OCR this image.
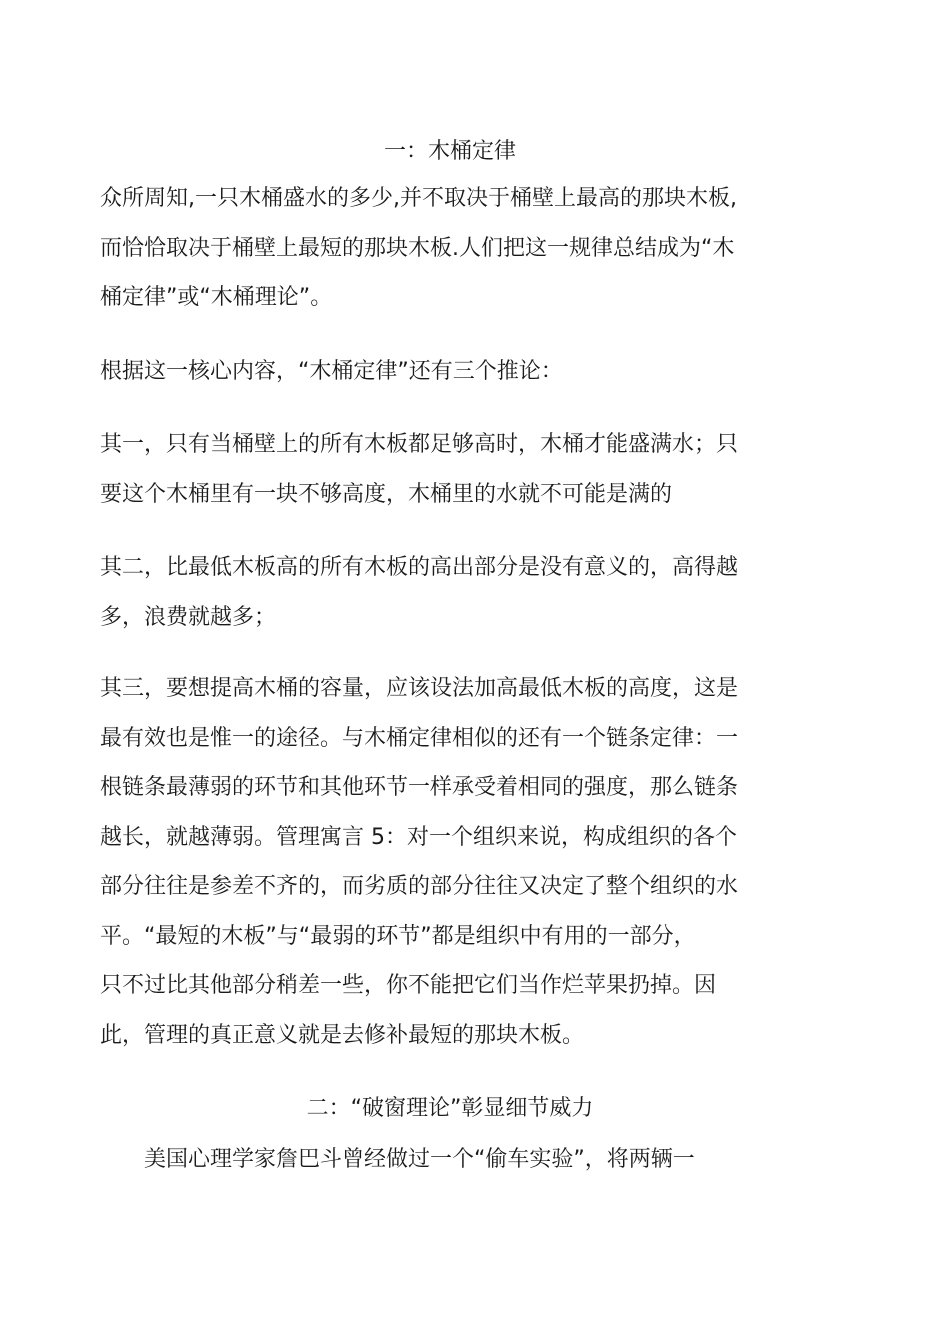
一：木桶定律
众所周知,一只木桶盛水的多少,并不取决于桶壁上最高的那块木板,
而恰恰取决于桶壁上最短的那块木板.人们把这一规律总结成为“木
桶定律”或“木桶理论”。
根据这一核心内容，“木桶定律”还有三个推论：
其一，只有当桶壁上的所有木板都足够高时，木桶才能盛满水；只
要这个木桶里有一块不够高度，木桶里的水就不可能是满的
其二，比最低木板高的所有木板的高出部分是没有意义的，高得越
多，浪费就越多；
其三，要想提高木桶的容量，应该设法加高最低木板的高度，这是
最有效也是惟一的途径。与木桶定律相似的还有一个链条定律：一
根链条最薄弱的环节和其他环节一样承受着相同的强度，那么链条
越长，就越薄弱。管理寓言 5：对一个组织来说，构成组织的各个
部分往往是参差不齐的，而劣质的部分往往又决定了整个组织的水
平。“最短的木板”与“最弱的环节”都是组织中有用的一部分，
只不过比其他部分稍差一些，你不能把它们当作烂苹果扔掉。因
此，管理的真正意义就是去修补最短的那块木板。
二：“破窗理论”彰显细节威力
　　美国心理学家詹巴斗曾经做过一个“偷车实验”，将两辆一
